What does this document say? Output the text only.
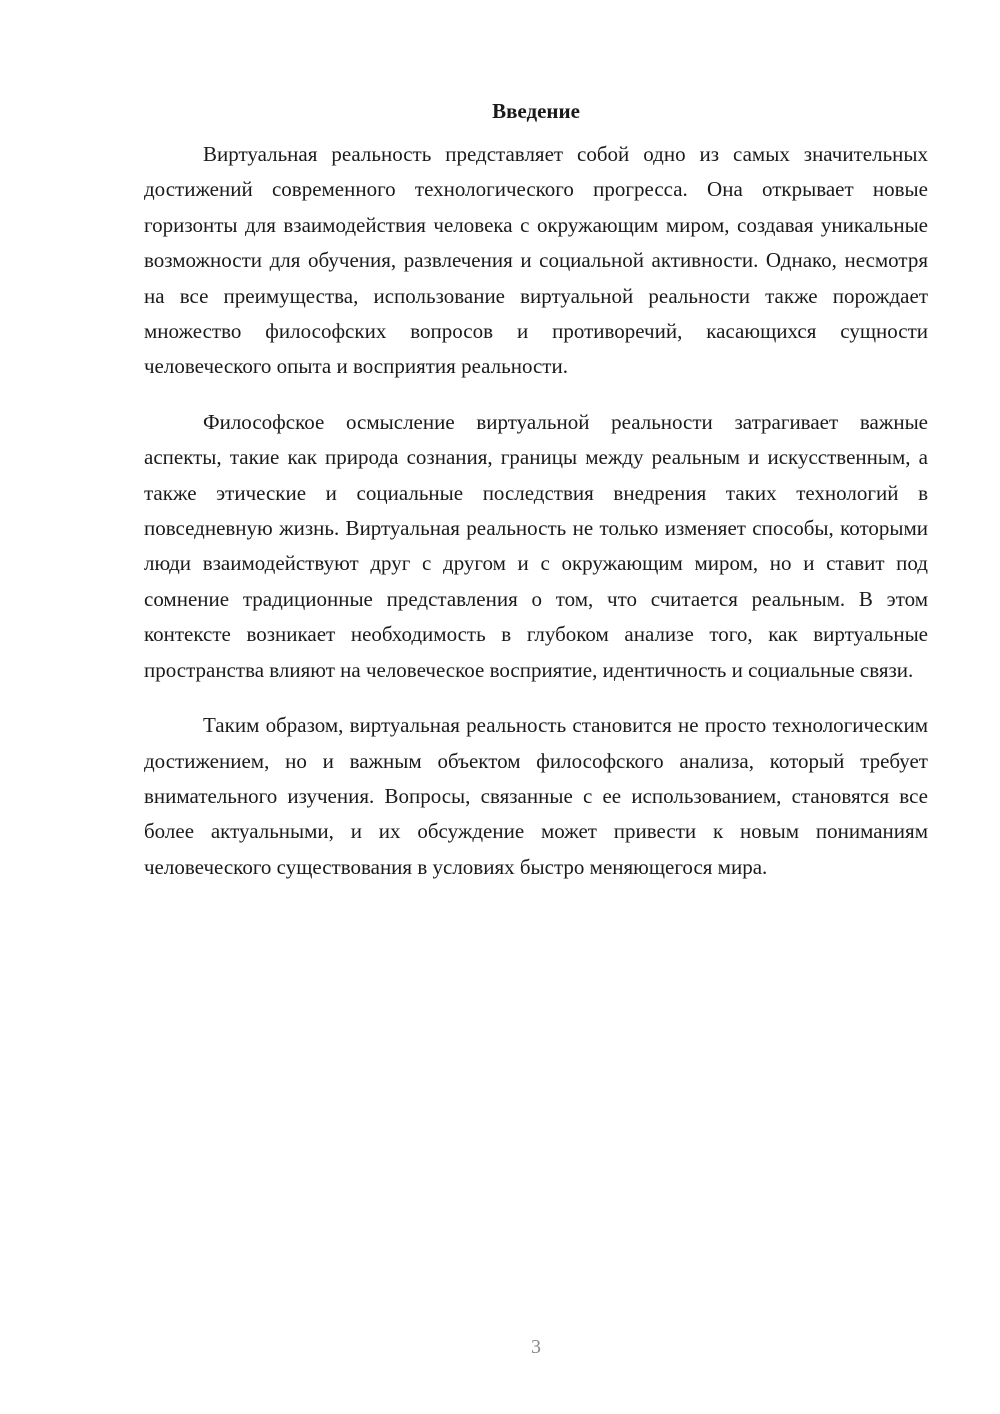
Введение

Виртуальная реальность представляет собой одно из самых значительных достижений современного технологического прогресса. Она открывает новые горизонты для взаимодействия человека с окружающим миром, создавая уникальные возможности для обучения, развлечения и социальной активности. Однако, несмотря на все преимущества, использование виртуальной реальности также порождает множество философских вопросов и противоречий, касающихся сущности человеческого опыта и восприятия реальности.

Философское осмысление виртуальной реальности затрагивает важные аспекты, такие как природа сознания, границы между реальным и искусственным, а также этические и социальные последствия внедрения таких технологий в повседневную жизнь. Виртуальная реальность не только изменяет способы, которыми люди взаимодействуют друг с другом и с окружающим миром, но и ставит под сомнение традиционные представления о том, что считается реальным. В этом контексте возникает необходимость в глубоком анализе того, как виртуальные пространства влияют на человеческое восприятие, идентичность и социальные связи.

Таким образом, виртуальная реальность становится не просто технологическим достижением, но и важным объектом философского анализа, который требует внимательного изучения. Вопросы, связанные с ее использованием, становятся все более актуальными, и их обсуждение может привести к новым пониманиям человеческого существования в условиях быстро меняющегося мира.

3
